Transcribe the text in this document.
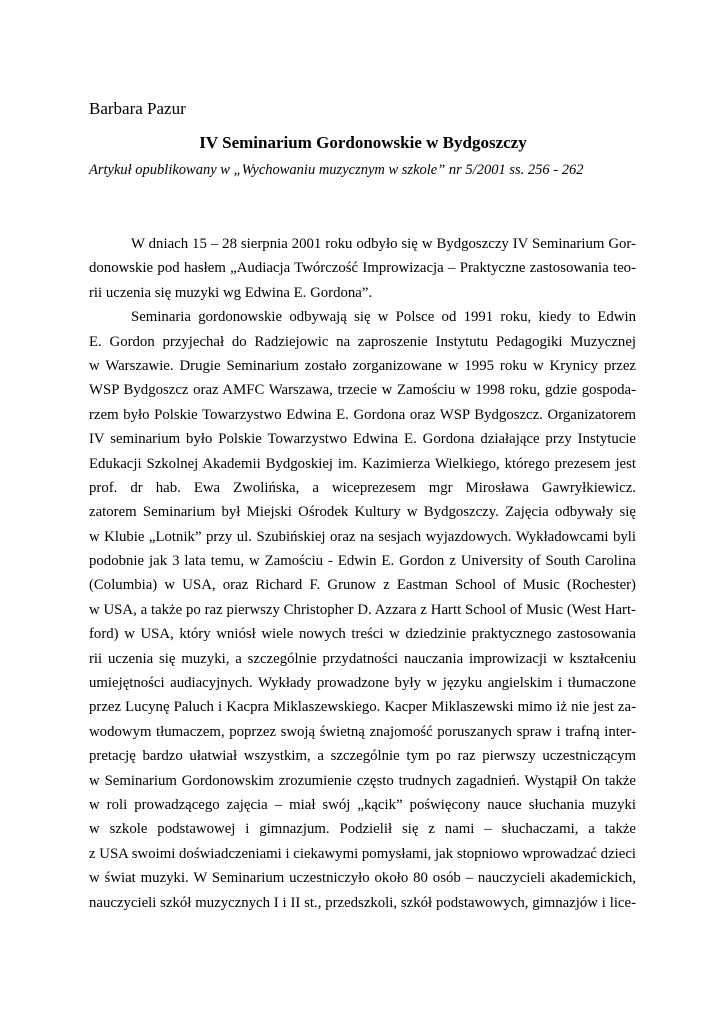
Barbara Pazur
IV Seminarium Gordonowskie w Bydgoszczy
Artykuł opublikowany w „Wychowaniu muzycznym w szkole” nr 5/2001 ss. 256 - 262
W dniach 15 – 28 sierpnia 2001 roku odbyło się w Bydgoszczy IV Seminarium Gor-
donowskie pod hasłem „Audiacja Twórczość Improwizacja – Praktyczne zastosowania teo-
rii uczenia się muzyki wg Edwina E. Gordona”.
Seminaria gordonowskie odbywają się w Polsce od 1991 roku, kiedy to Edwin
E. Gordon przyjechał do Radziejowic na zaproszenie Instytutu Pedagogiki Muzycznej
w Warszawie. Drugie Seminarium zostało zorganizowane w 1995 roku w Krynicy przez
WSP Bydgoszcz oraz AMFC Warszawa, trzecie w Zamościu w 1998 roku, gdzie gospoda-
rzem było Polskie Towarzystwo Edwina E. Gordona oraz WSP Bydgoszcz. Organizatorem
IV seminarium było Polskie Towarzystwo Edwina E. Gordona działające przy Instytucie
Edukacji Szkolnej Akademii Bydgoskiej im. Kazimierza Wielkiego, którego prezesem jest
prof. dr hab. Ewa Zwolińska, a wiceprezesem mgr Mirosława Gawryłkiewicz.
zatorem Seminarium był Miejski Ośrodek Kultury w Bydgoszczy. Zajęcia odbywały się
w Klubie „Lotnik” przy ul. Szubińskiej oraz na sesjach wyjazdowych. Wykładowcami byli
podobnie jak 3 lata temu, w Zamościu - Edwin E. Gordon z University of South Carolina
(Columbia) w USA, oraz Richard F. Grunow z Eastman School of Music (Rochester)
w USA, a także po raz pierwszy Christopher D. Azzara z Hartt School of Music (West Hart-
ford) w USA, który wniósł wiele nowych treści w dziedzinie praktycznego zastosowania
rii uczenia się muzyki, a szczególnie przydatności nauczania improwizacji w kształceniu
umiejętności audiacyjnych. Wykłady prowadzone były w języku angielskim i tłumaczone
przez Lucynę Paluch i Kacpra Miklaszewskiego. Kacper Miklaszewski mimo iż nie jest za-
wodowym tłumaczem, poprzez swoją świetną znajomość poruszanych spraw i trafną inter-
pretację bardzo ułatwiał wszystkim, a szczególnie tym po raz pierwszy uczestniczącym
w Seminarium Gordonowskim zrozumienie często trudnych zagadnień. Wystąpił On także
w roli prowadzącego zajęcia – miał swój „kącik” poświęcony nauce słuchania muzyki
w szkole podstawowej i gimnazjum. Podzielił się z nami – słuchaczami, a także
z USA swoimi doświadczeniami i ciekawymi pomysłami, jak stopniowo wprowadzać dzieci
w świat muzyki. W Seminarium uczestniczyło około 80 osób – nauczycieli akademickich,
nauczycieli szkół muzycznych I i II st., przedszkoli, szkół podstawowych, gimnazjów i lice-
